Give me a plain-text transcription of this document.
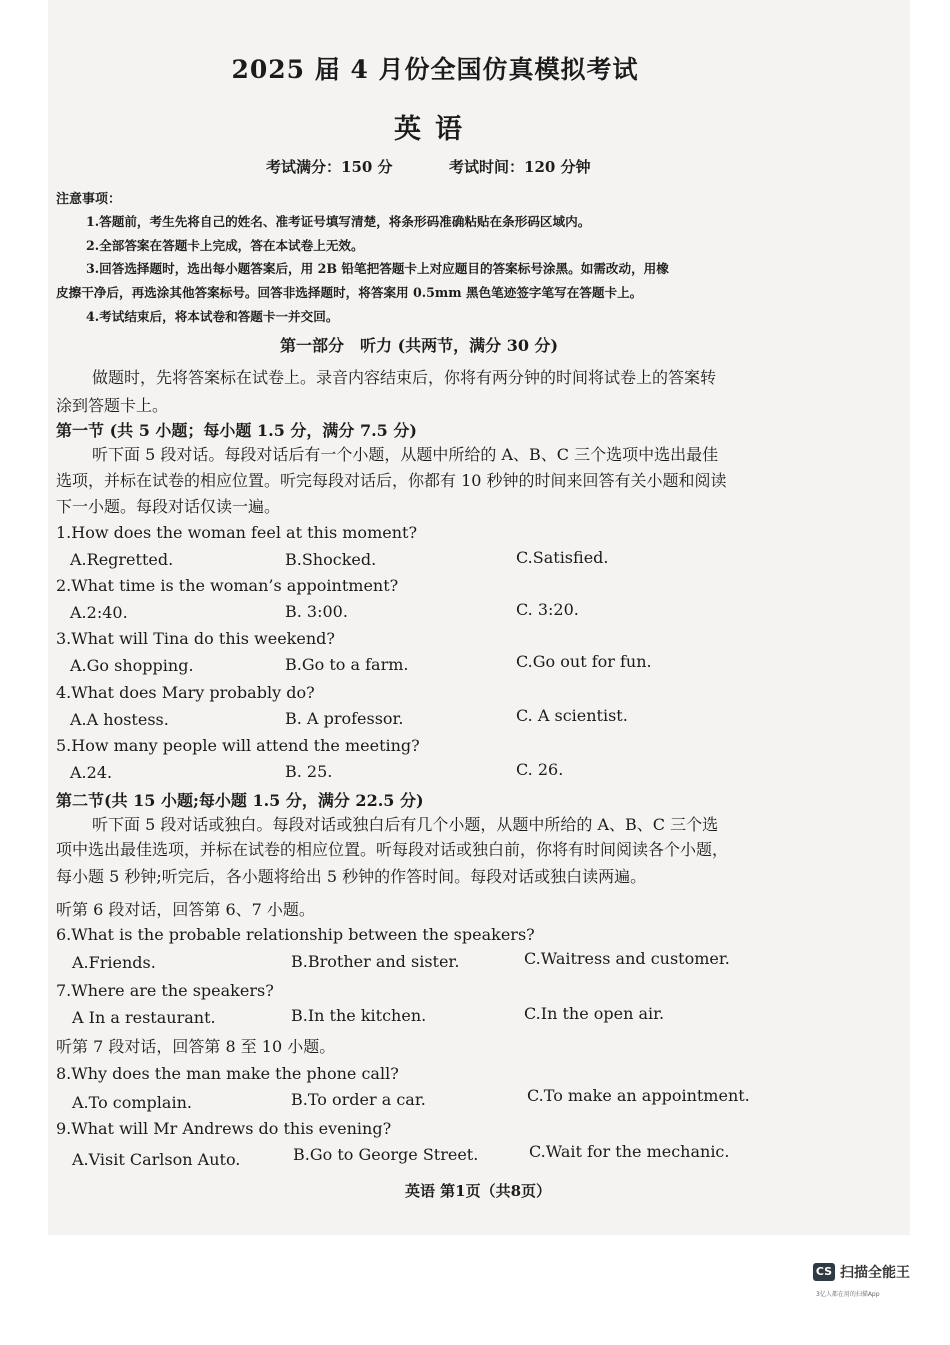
2025 届 4 月份全国仿真模拟考试
英语
考试满分：150 分	考试时间：120 分钟
注意事项：
1.答题前，考生先将自己的姓名、准考证号填写清楚，将条形码准确粘贴在条形码区域内。
2.全部答案在答题卡上完成，答在本试卷上无效。
3.回答选择题时，选出每小题答案后，用 2B 铅笔把答题卡上对应题目的答案标号涂黑。如需改动，用橡
皮擦干净后，再选涂其他答案标号。回答非选择题时，将答案用 0.5mm 黑色笔迹签字笔写在答题卡上。
4.考试结束后，将本试卷和答题卡一并交回。
第一部分　听力 (共两节，满分 30 分)
做题时，先将答案标在试卷上。录音内容结束后，你将有两分钟的时间将试卷上的答案转
涂到答题卡上。
第一节 (共 5 小题；每小题 1.5 分，满分 7.5 分)
听下面 5 段对话。每段对话后有一个小题，从题中所给的 A、B、C 三个选项中选出最佳
选项，并标在试卷的相应位置。听完每段对话后，你都有 10 秒钟的时间来回答有关小题和阅读
下一小题。每段对话仅读一遍。
1.How does the woman feel at this moment?
A.Regretted.	B.Shocked.	C.Satisfied.
2.What time is the woman’s appointment?
A.2:40.	B. 3:00.	C. 3:20.
3.What will Tina do this weekend?
A.Go shopping.	B.Go to a farm.	C.Go out for fun.
4.What does Mary probably do?
A.A hostess.	B. A professor.	C. A scientist.
5.How many people will attend the meeting?
A.24.	B. 25.	C. 26.
第二节(共 15 小题;每小题 1.5 分，满分 22.5 分)
听下面 5 段对话或独白。每段对话或独白后有几个小题，从题中所给的 A、B、C 三个选
项中选出最佳选项，并标在试卷的相应位置。听每段对话或独白前，你将有时间阅读各个小题，
每小题 5 秒钟;听完后，各小题将给出 5 秒钟的作答时间。每段对话或独白读两遍。
听第 6 段对话，回答第 6、7 小题。
6.What is the probable relationship between the speakers?
A.Friends.	B.Brother and sister.	C.Waitress and customer.
7.Where are the speakers?
A In a restaurant.	B.In the kitchen.	C.In the open air.
听第 7 段对话，回答第 8 至 10 小题。
8.Why does the man make the phone call?
A.To complain.	B.To order a car.	C.To make an appointment.
9.What will Mr Andrews do this evening?
A.Visit Carlson Auto.	B.Go to George Street.	C.Wait for the mechanic.
英语 第1页（共8页）
CS 扫描全能王
3亿人都在用的扫描App
